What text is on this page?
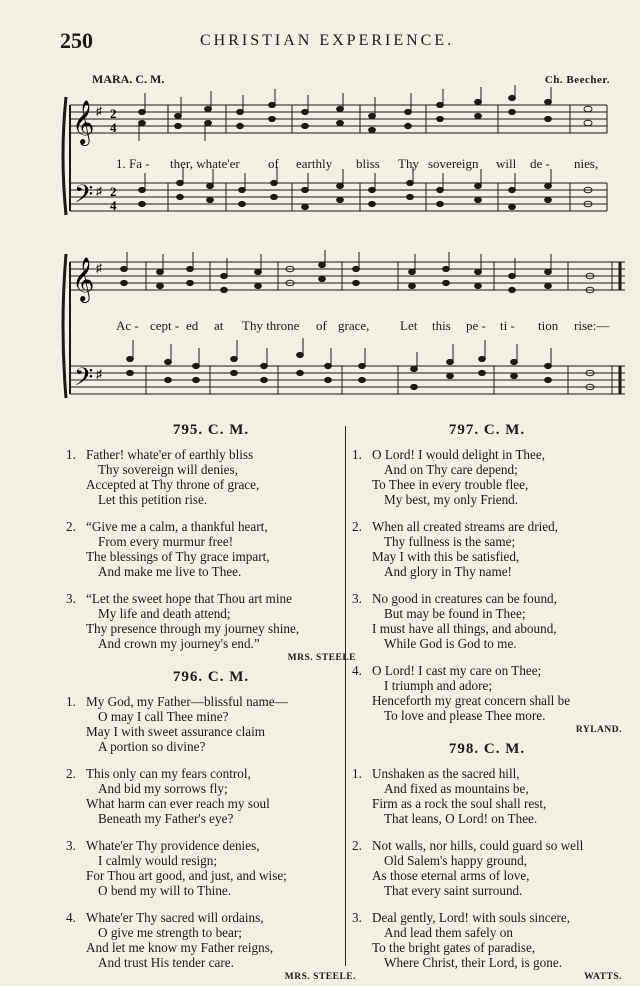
250	CHRISTIAN EXPERIENCE.
MARA. C. M.	Ch. Beecher.
𝄞
𝄢
♯
♯
2
4
2
4
1. Fa - ther, whate'er of earthly bliss Thy sovereign will de - nies,
𝄞
𝄢
♯
♯
Ac - cept - ed at Thy throne of grace, Let this pe - ti - tion rise:—
795. C. M.
1. Father! whate'er of earthly bliss
Thy sovereign will denies,
Accepted at Thy throne of grace,
Let this petition rise.
2. “Give me a calm, a thankful heart,
From every murmur free!
The blessings of Thy grace impart,
And make me live to Thee.
3. “Let the sweet hope that Thou art mine
My life and death attend;
Thy presence through my journey shine,
And crown my journey's end.”
MRS. STEELE
796. C. M.
1. My God, my Father—blissful name—
O may I call Thee mine?
May I with sweet assurance claim
A portion so divine?
2. This only can my fears control,
And bid my sorrows fly;
What harm can ever reach my soul
Beneath my Father's eye?
3. Whate'er Thy providence denies,
I calmly would resign;
For Thou art good, and just, and wise;
O bend my will to Thine.
4. Whate'er Thy sacred will ordains,
O give me strength to bear;
And let me know my Father reigns,
And trust His tender care.
MRS. STEELE.
797. C. M.
1. O Lord! I would delight in Thee,
And on Thy care depend;
To Thee in every trouble flee,
My best, my only Friend.
2. When all created streams are dried,
Thy fullness is the same;
May I with this be satisfied,
And glory in Thy name!
3. No good in creatures can be found,
But may be found in Thee;
I must have all things, and abound,
While God is God to me.
4. O Lord! I cast my care on Thee;
I triumph and adore;
Henceforth my great concern shall be
To love and please Thee more.
RYLAND.
798. C. M.
1. Unshaken as the sacred hill,
And fixed as mountains be,
Firm as a rock the soul shall rest,
That leans, O Lord! on Thee.
2. Not walls, nor hills, could guard so well
Old Salem's happy ground,
As those eternal arms of love,
That every saint surround.
3. Deal gently, Lord! with souls sincere,
And lead them safely on
To the bright gates of paradise,
Where Christ, their Lord, is gone.
WATTS.
